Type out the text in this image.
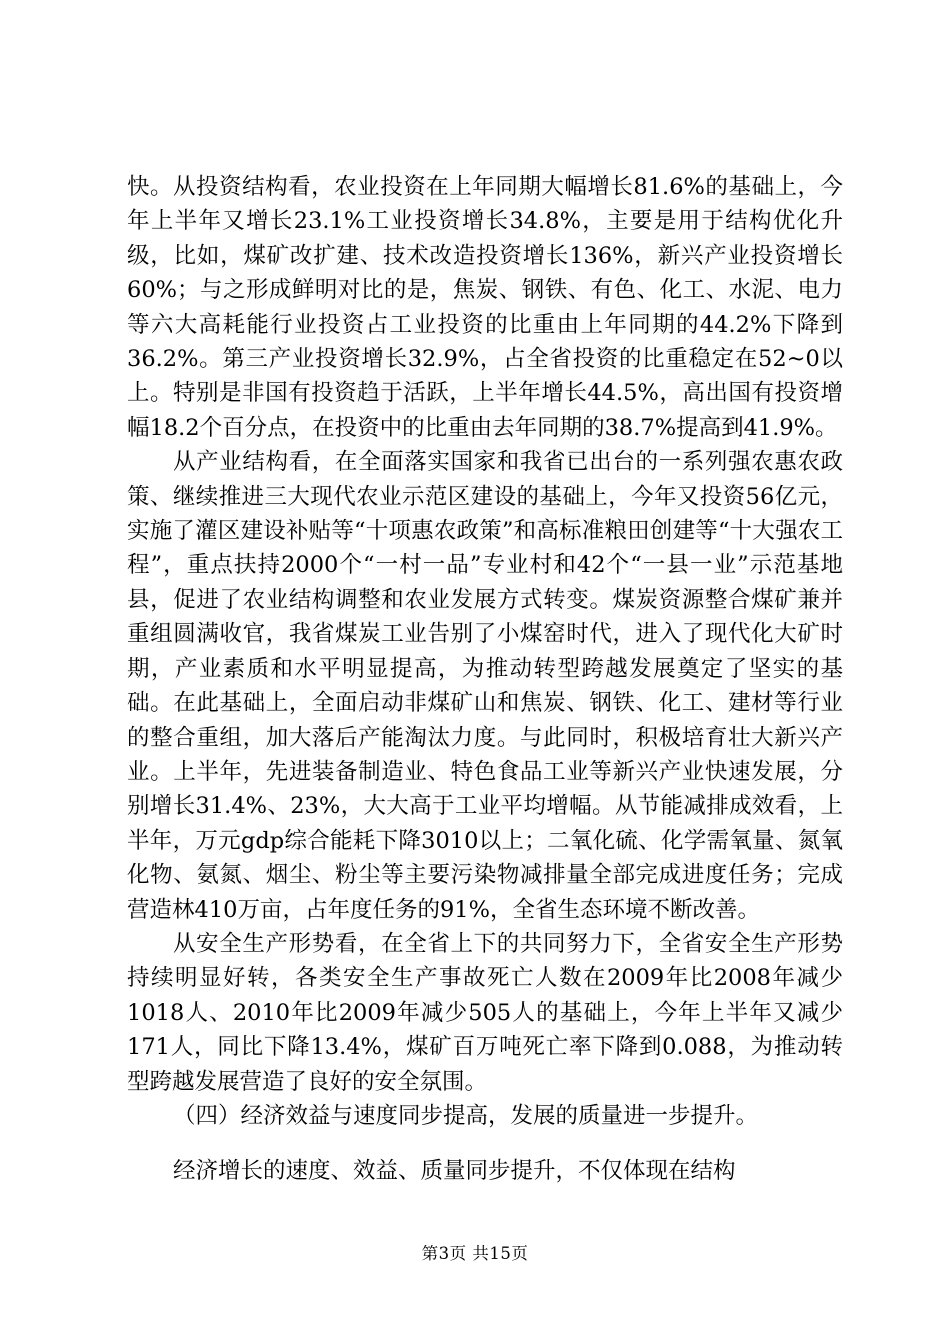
快。从投资结构看，农业投资在上年同期大幅增长81.6%的基础上，今年上半年又增长23.1%工业投资增长34.8%，主要是用于结构优化升级，比如，煤矿改扩建、技术改造投资增长136%，新兴产业投资增长60%；与之形成鲜明对比的是，焦炭、钢铁、有色、化工、水泥、电力等六大高耗能行业投资占工业投资的比重由上年同期的44.2%下降到36.2%。第三产业投资增长32.9%，占全省投资的比重稳定在52~0以上。特别是非国有投资趋于活跃，上半年增长44.5%，高出国有投资增幅18.2个百分点，在投资中的比重由去年同期的38.7%提高到41.9%。

从产业结构看，在全面落实国家和我省已出台的一系列强农惠农政策、继续推进三大现代农业示范区建设的基础上，今年又投资56亿元，实施了灌区建设补贴等“十项惠农政策”和高标准粮田创建等“十大强农工程”，重点扶持2000个“一村一品”专业村和42个“一县一业”示范基地县，促进了农业结构调整和农业发展方式转变。煤炭资源整合煤矿兼并重组圆满收官，我省煤炭工业告别了小煤窑时代，进入了现代化大矿时期，产业素质和水平明显提高，为推动转型跨越发展奠定了坚实的基础。在此基础上，全面启动非煤矿山和焦炭、钢铁、化工、建材等行业的整合重组，加大落后产能淘汰力度。与此同时，积极培育壮大新兴产业。上半年，先进装备制造业、特色食品工业等新兴产业快速发展，分别增长31.4%、23%，大大高于工业平均增幅。从节能减排成效看，上半年，万元gdp综合能耗下降3010以上；二氧化硫、化学需氧量、氮氧化物、氨氮、烟尘、粉尘等主要污染物减排量全部完成进度任务；完成营造林410万亩，占年度任务的91%，全省生态环境不断改善。

从安全生产形势看，在全省上下的共同努力下，全省安全生产形势持续明显好转，各类安全生产事故死亡人数在2009年比2008年减少1018人、2010年比2009年减少505人的基础上，今年上半年又减少171人，同比下降13.4%，煤矿百万吨死亡率下降到0.088，为推动转型跨越发展营造了良好的安全氛围。

（四）经济效益与速度同步提高，发展的质量进一步提升。

经济增长的速度、效益、质量同步提升，不仅体现在结构

第3页 共15页
